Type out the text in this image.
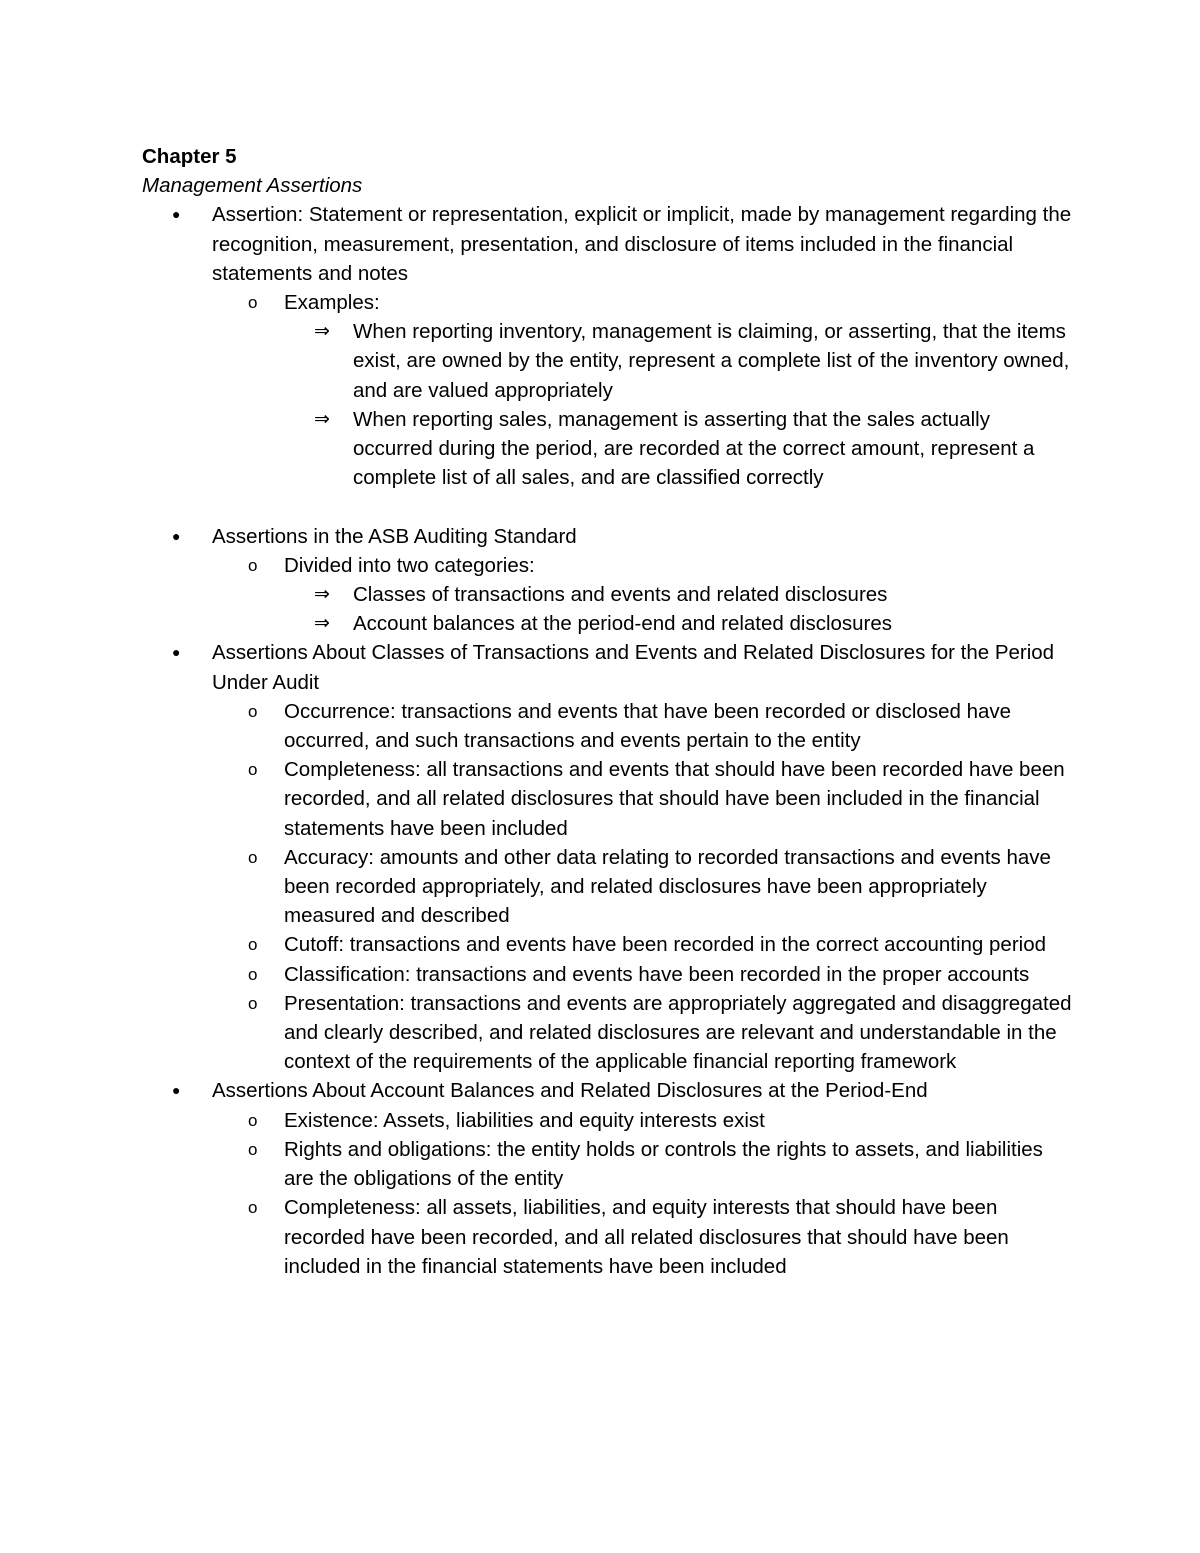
Chapter 5

Management Assertions

● Assertion: Statement or representation, explicit or implicit, made by management regarding the recognition, measurement, presentation, and disclosure of items included in the financial statements and notes
o Examples:
⇒ When reporting inventory, management is claiming, or asserting, that the items exist, are owned by the entity, represent a complete list of the inventory owned, and are valued appropriately
⇒ When reporting sales, management is asserting that the sales actually occurred during the period, are recorded at the correct amount, represent a complete list of all sales, and are classified correctly
● Assertions in the ASB Auditing Standard
o Divided into two categories:
⇒ Classes of transactions and events and related disclosures
⇒ Account balances at the period-end and related disclosures
● Assertions About Classes of Transactions and Events and Related Disclosures for the Period Under Audit
o Occurrence: transactions and events that have been recorded or disclosed have occurred, and such transactions and events pertain to the entity
o Completeness: all transactions and events that should have been recorded have been recorded, and all related disclosures that should have been included in the financial statements have been included
o Accuracy: amounts and other data relating to recorded transactions and events have been recorded appropriately, and related disclosures have been appropriately measured and described
o Cutoff: transactions and events have been recorded in the correct accounting period
o Classification: transactions and events have been recorded in the proper accounts
o Presentation: transactions and events are appropriately aggregated and disaggregated and clearly described, and related disclosures are relevant and understandable in the context of the requirements of the applicable financial reporting framework
● Assertions About Account Balances and Related Disclosures at the Period-End
o Existence: Assets, liabilities and equity interests exist
o Rights and obligations: the entity holds or controls the rights to assets, and liabilities are the obligations of the entity
o Completeness: all assets, liabilities, and equity interests that should have been recorded have been recorded, and all related disclosures that should have been included in the financial statements have been included
